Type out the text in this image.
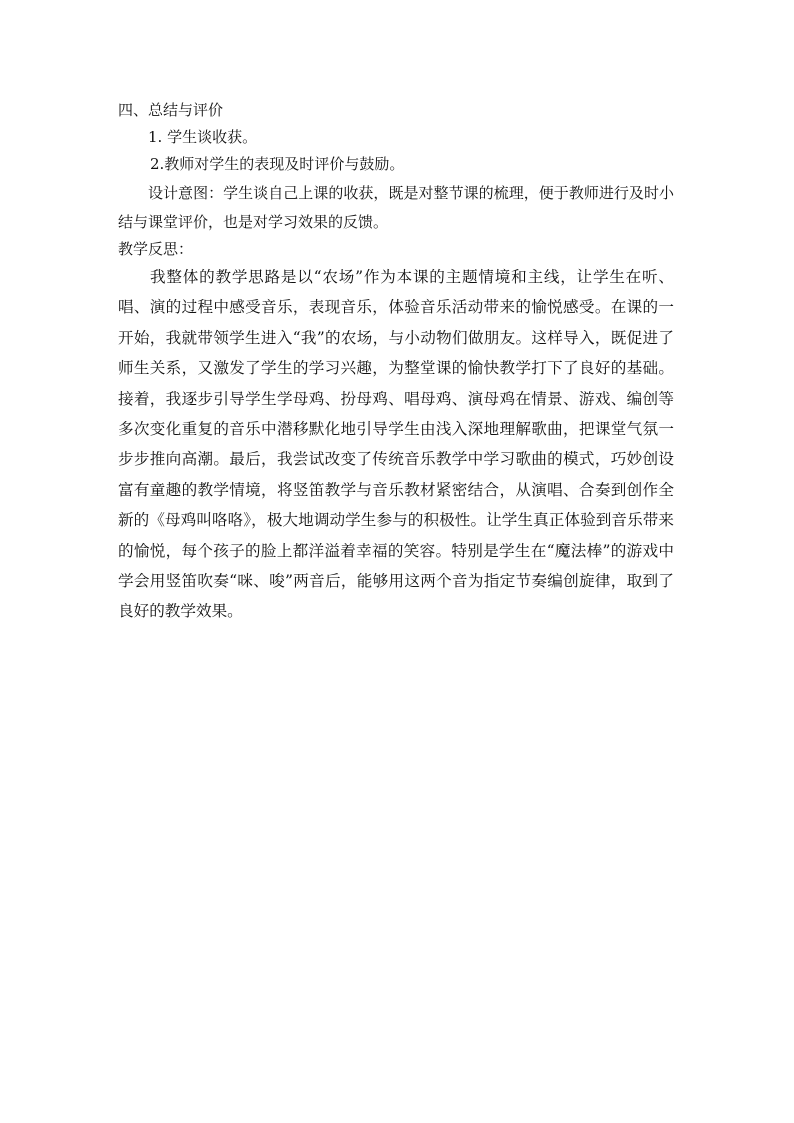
四、总结与评价
1. 学生谈收获。
2.教师对学生的表现及时评价与鼓励。

设计意图：学生谈自己上课的收获，既是对整节课的梳理，便于教师进行及时小结与课堂评价，也是对学习效果的反馈。

教学反思：

我整体的教学思路是以“农场”作为本课的主题情境和主线，让学生在听、唱、演的过程中感受音乐，表现音乐，体验音乐活动带来的愉悦感受。在课的一开始，我就带领学生进入“我”的农场，与小动物们做朋友。这样导入，既促进了师生关系，又激发了学生的学习兴趣，为整堂课的愉快教学打下了良好的基础。接着，我逐步引导学生学母鸡、扮母鸡、唱母鸡、演母鸡在情景、游戏、编创等多次变化重复的音乐中潜移默化地引导学生由浅入深地理解歌曲，把课堂气氛一步步推向高潮。最后，我尝试改变了传统音乐教学中学习歌曲的模式，巧妙创设富有童趣的教学情境，将竖笛教学与音乐教材紧密结合，从演唱、合奏到创作全新的《母鸡叫咯咯》，极大地调动学生参与的积极性。让学生真正体验到音乐带来的愉悦，每个孩子的脸上都洋溢着幸福的笑容。特别是学生在“魔法棒”的游戏中学会用竖笛吹奏“咪、唆”两音后，能够用这两个音为指定节奏编创旋律，取到了良好的教学效果。
